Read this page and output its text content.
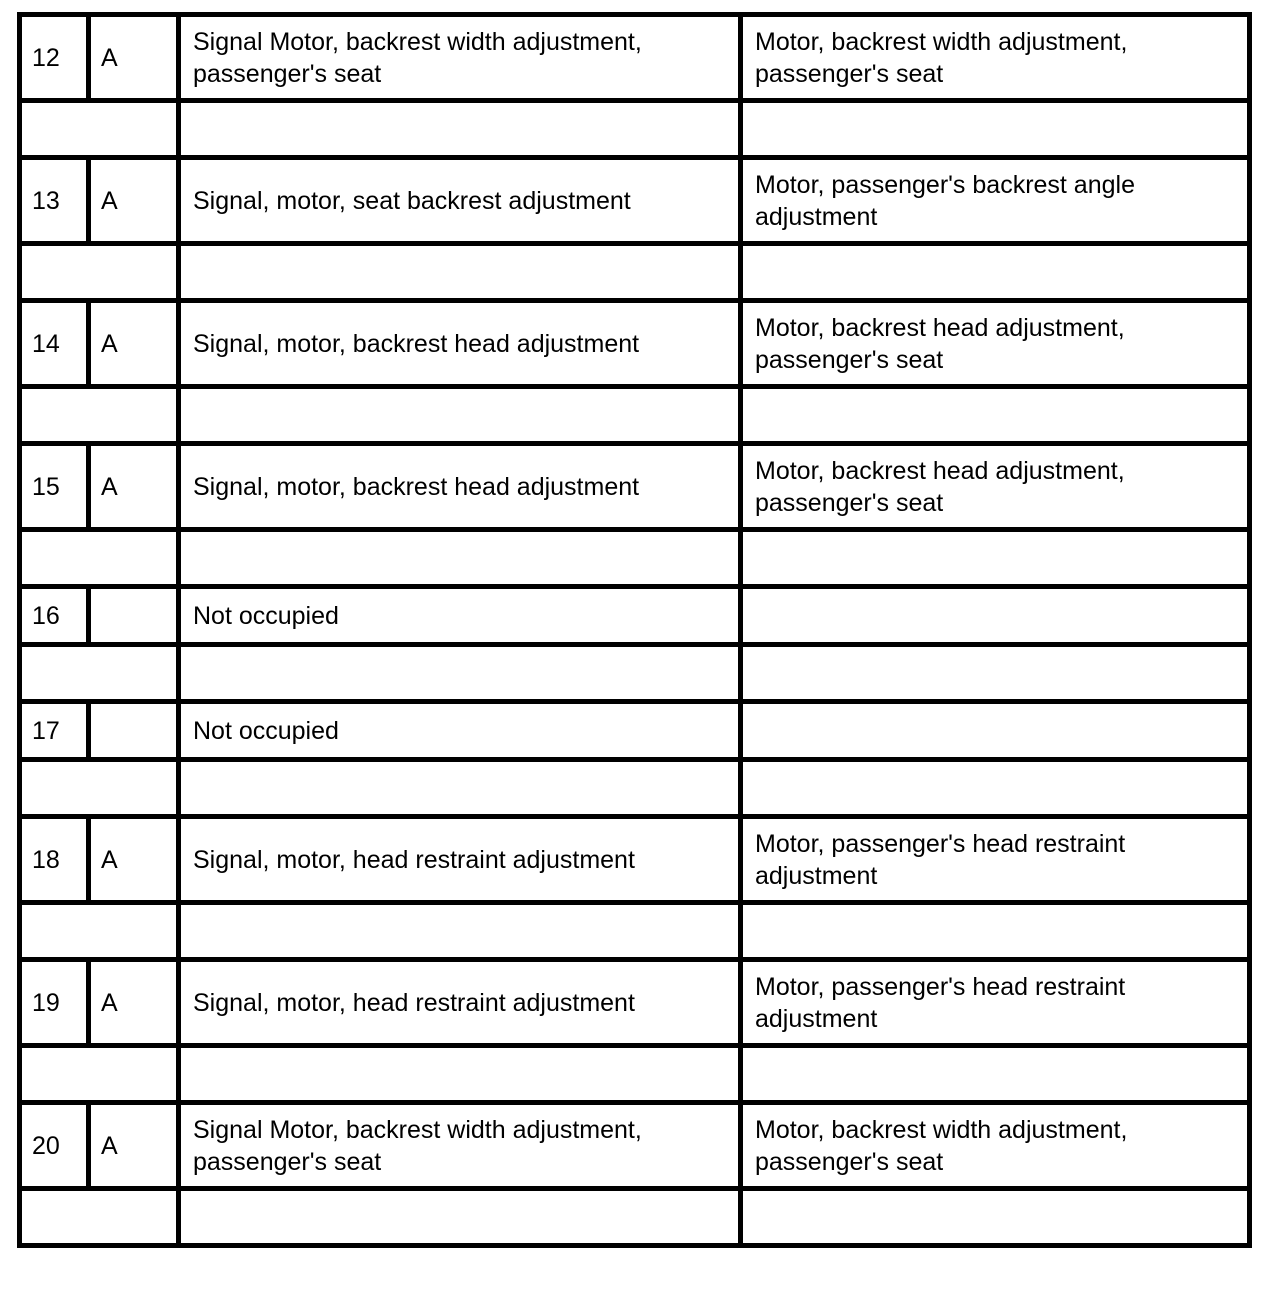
12	A	Signal Motor, backrest width adjustment, passenger's seat	Motor, backrest width adjustment, passenger's seat

13	A	Signal, motor, seat backrest adjustment	Motor, passenger's backrest angle adjustment

14	A	Signal, motor, backrest head adjustment	Motor, backrest head adjustment, passenger's seat

15	A	Signal, motor, backrest head adjustment	Motor, backrest head adjustment, passenger's seat

16		Not occupied	

17		Not occupied	

18	A	Signal, motor, head restraint adjustment	Motor, passenger's head restraint adjustment

19	A	Signal, motor, head restraint adjustment	Motor, passenger's head restraint adjustment

20	A	Signal Motor, backrest width adjustment, passenger's seat	Motor, backrest width adjustment, passenger's seat
